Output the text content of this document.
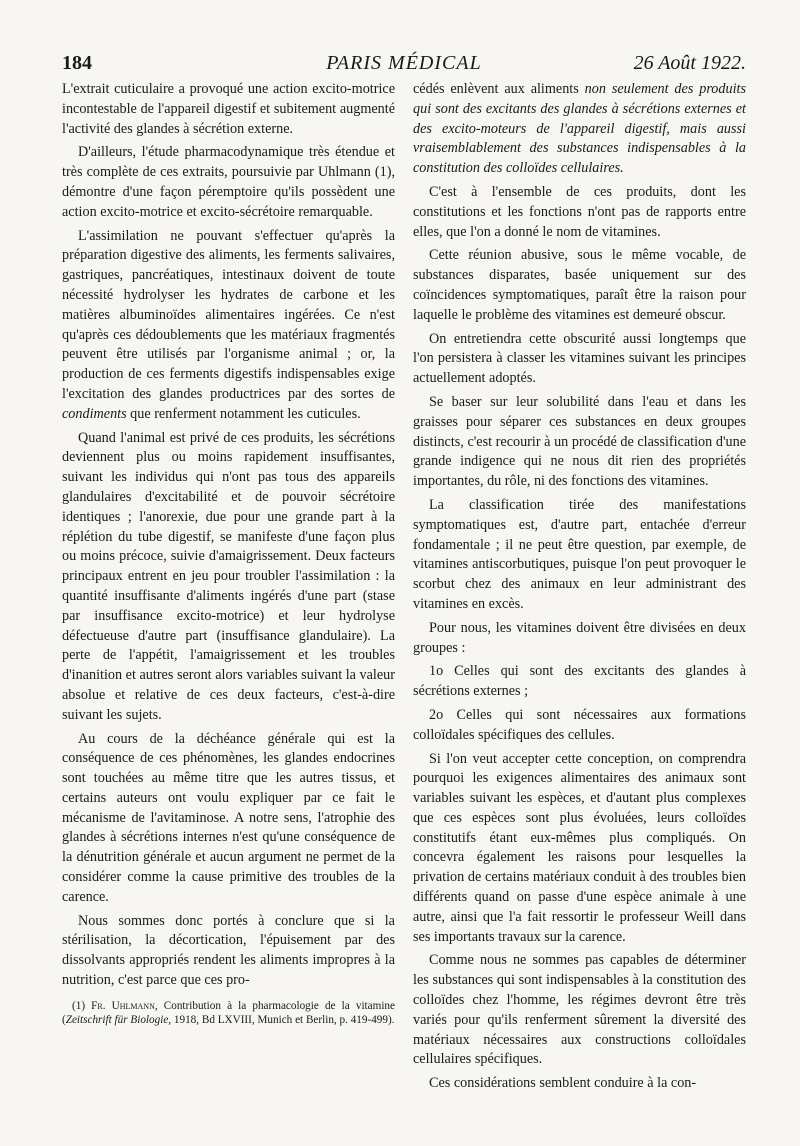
184	PARIS MÉDICAL	26 Août 1922.

L'extrait cuticulaire a provoqué une action excito-motrice incontestable de l'appareil digestif et subitement augmenté l'activité des glandes à sécrétion externe.

D'ailleurs, l'étude pharmacodynamique très étendue et très complète de ces extraits, poursuivie par Uhlmann (1), démontre d'une façon péremptoire qu'ils possèdent une action excito-motrice et excito-sécrétoire remarquable.

L'assimilation ne pouvant s'effectuer qu'après la préparation digestive des aliments, les ferments salivaires, gastriques, pancréatiques, intestinaux doivent de toute nécessité hydrolyser les hydrates de carbone et les matières albuminoïdes alimentaires ingérées. Ce n'est qu'après ces dédoublements que les matériaux fragmentés peuvent être utilisés par l'organisme animal ; or, la production de ces ferments digestifs indispensables exige l'excitation des glandes productrices par des sortes de condiments que renferment notamment les cuticules.

Quand l'animal est privé de ces produits, les sécrétions deviennent plus ou moins rapidement insuffisantes, suivant les individus qui n'ont pas tous des appareils glandulaires d'excitabilité et de pouvoir sécrétoire identiques ; l'anorexie, due pour une grande part à la réplétion du tube digestif, se manifeste d'une façon plus ou moins précoce, suivie d'amaigrissement. Deux facteurs principaux entrent en jeu pour troubler l'assimilation : la quantité insuffisante d'aliments ingérés d'une part (stase par insuffisance excito-motrice) et leur hydrolyse défectueuse d'autre part (insuffisance glandulaire). La perte de l'appétit, l'amaigrissement et les troubles d'inanition et autres seront alors variables suivant la valeur absolue et relative de ces deux facteurs, c'est-à-dire suivant les sujets.

Au cours de la déchéance générale qui est la conséquence de ces phénomènes, les glandes endocrines sont touchées au même titre que les autres tissus, et certains auteurs ont voulu expliquer par ce fait le mécanisme de l'avitaminose. A notre sens, l'atrophie des glandes à sécrétions internes n'est qu'une conséquence de la dénutrition générale et aucun argument ne permet de la considérer comme la cause primitive des troubles de la carence.

Nous sommes donc portés à conclure que si la stérilisation, la décortication, l'épuisement par des dissolvants appropriés rendent les aliments impropres à la nutrition, c'est parce que ces pro-

(1) Fr. Uhlmann, Contribution à la pharmacologie de la vitamine (Zeitschrift für Biologie, 1918, Bd LXVIII, Munich et Berlin, p. 419-499).

cédés enlèvent aux aliments non seulement des produits qui sont des excitants des glandes à sécrétions externes et des excito-moteurs de l'appareil digestif, mais aussi vraisemblablement des substances indispensables à la constitution des colloïdes cellulaires.

C'est à l'ensemble de ces produits, dont les constitutions et les fonctions n'ont pas de rapports entre elles, que l'on a donné le nom de vitamines.

Cette réunion abusive, sous le même vocable, de substances disparates, basée uniquement sur des coïncidences symptomatiques, paraît être la raison pour laquelle le problème des vitamines est demeuré obscur.

On entretiendra cette obscurité aussi longtemps que l'on persistera à classer les vitamines suivant les principes actuellement adoptés.

Se baser sur leur solubilité dans l'eau et dans les graisses pour séparer ces substances en deux groupes distincts, c'est recourir à un procédé de classification d'une grande indigence qui ne nous dit rien des propriétés importantes, du rôle, ni des fonctions des vitamines.

La classification tirée des manifestations symptomatiques est, d'autre part, entachée d'erreur fondamentale ; il ne peut être question, par exemple, de vitamines antiscorbutiques, puisque l'on peut provoquer le scorbut chez des animaux en leur administrant des vitamines en excès.

Pour nous, les vitamines doivent être divisées en deux groupes :

1o Celles qui sont des excitants des glandes à sécrétions externes ;

2o Celles qui sont nécessaires aux formations colloïdales spécifiques des cellules.

Si l'on veut accepter cette conception, on comprendra pourquoi les exigences alimentaires des animaux sont variables suivant les espèces, et d'autant plus complexes que ces espèces sont plus évoluées, leurs colloïdes constitutifs étant eux-mêmes plus compliqués. On concevra également les raisons pour lesquelles la privation de certains matériaux conduit à des troubles bien différents quand on passe d'une espèce animale à une autre, ainsi que l'a fait ressortir le professeur Weill dans ses importants travaux sur la carence.

Comme nous ne sommes pas capables de déterminer les substances qui sont indispensables à la constitution des colloïdes chez l'homme, les régimes devront être très variés pour qu'ils renferment sûrement la diversité des matériaux nécessaires aux constructions colloïdales cellulaires spécifiques.

Ces considérations semblent conduire à la con-
